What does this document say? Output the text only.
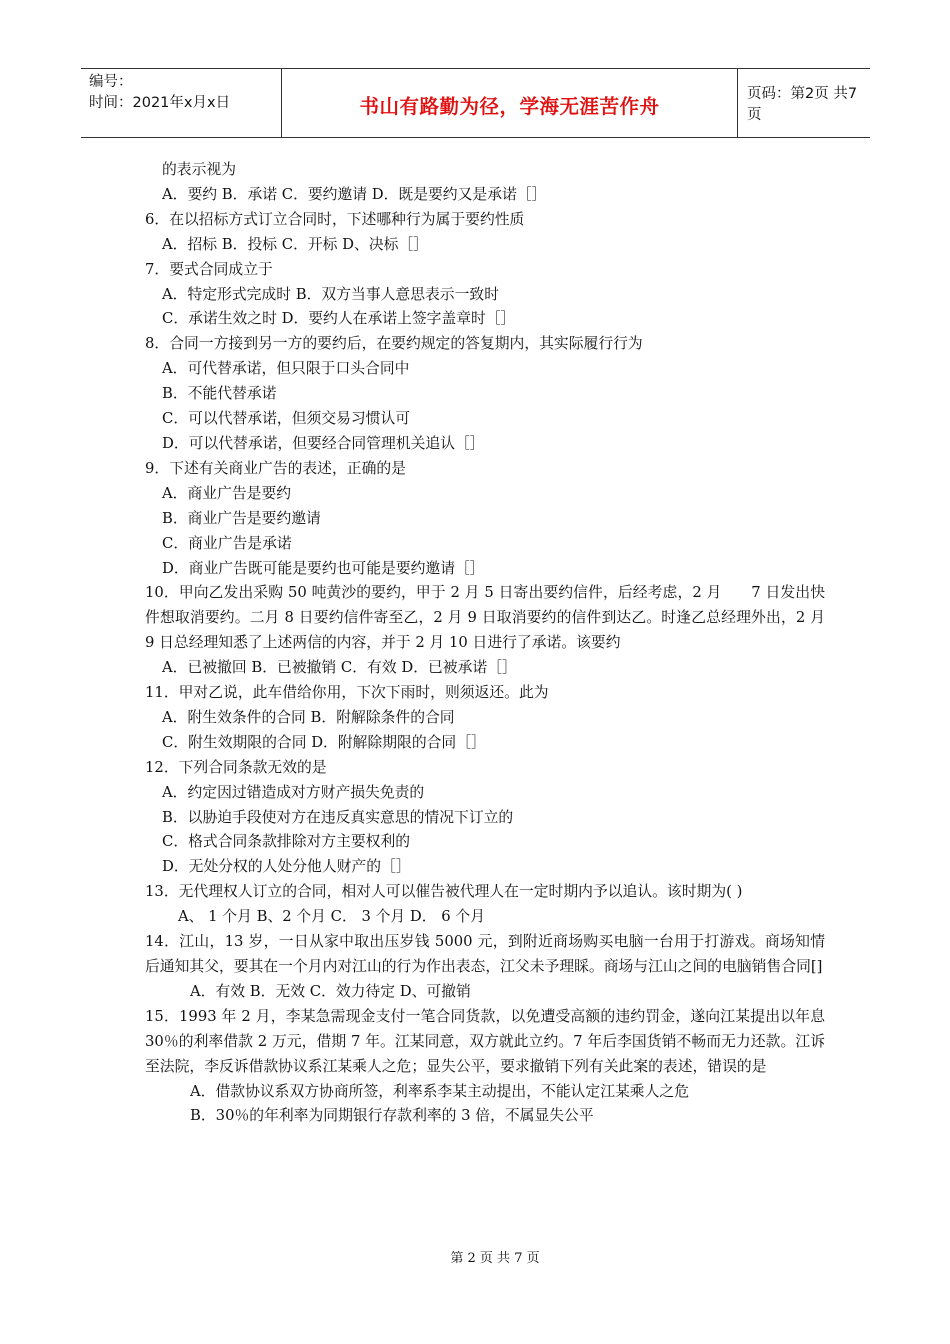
编号：
时间：2021年x月x日	书山有路勤为径，学海无涯苦作舟
页码：第2页 共7页
的表示视为
A．要约 B．承诺 C．要约邀请 D．既是要约又是承诺［］
6．在以招标方式订立合同时，下述哪种行为属于要约性质
A．招标 B．投标 C．开标 D、决标［］
7．要式合同成立于
A．特定形式完成时 B．双方当事人意思表示一致时
C．承诺生效之时 D．要约人在承诺上签字盖章时［］
8．合同一方接到另一方的要约后，在要约规定的答复期内，其实际履行行为
A．可代替承诺，但只限于口头合同中
B．不能代替承诺
C．可以代替承诺，但须交易习惯认可
D．可以代替承诺，但要经合同管理机关追认［］
9．下述有关商业广告的表述，正确的是
A．商业广告是要约
B．商业广告是要约邀请
C．商业广告是承诺
D．商业广告既可能是要约也可能是要约邀请［］
10．甲向乙发出采购 50 吨黄沙的要约，甲于 2 月 5 日寄出要约信件，后经考虑，2 月　　7 日发出快件想取消要约。二月 8 日要约信件寄至乙，2 月 9 日取消要约的信件到达乙。时逢乙总经理外出，2 月 9 日总经理知悉了上述两信的内容，并于 2 月 10 日进行了承诺。该要约
A．已被撤回 B．已被撤销 C．有效 D．已被承诺［］
11．甲对乙说，此车借给你用，下次下雨时，则须返还。此为
A．附生效条件的合同 B．附解除条件的合同
C．附生效期限的合同 D．附解除期限的合同［］
12．下列合同条款无效的是
A．约定因过错造成对方财产损失免责的
B．以胁迫手段使对方在违反真实意思的情况下订立的
C．格式合同条款排除对方主要权利的
D．无处分权的人处分他人财产的［］
13．无代理权人订立的合同，相对人可以催告被代理人在一定时期内予以追认。该时期为( )
A、 1 个月 B、2 个月 C． 3 个月 D． 6 个月
14．江山，13 岁，一日从家中取出压岁钱 5000 元，到附近商场购买电脑一台用于打游戏。商场知情后通知其父，要其在一个月内对江山的行为作出表态，江父未予理睬。商场与江山之间的电脑销售合同[]
A．有效 B．无效 C．效力待定 D、可撤销
15．1993 年 2 月，李某急需现金支付一笔合同货款，以免遭受高额的违约罚金，遂向江某提出以年息 30％的利率借款 2 万元，借期 7 年。江某同意，双方就此立约。7 年后李国货销不畅而无力还款。江诉至法院，李反诉借款协议系江某乘人之危；显失公平，要求撤销下列有关此案的表述，错误的是
A．借款协议系双方协商所签，利率系李某主动提出，不能认定江某乘人之危
B．30％的年利率为同期银行存款利率的 3 倍，不属显失公平
第 2 页 共 7 页
